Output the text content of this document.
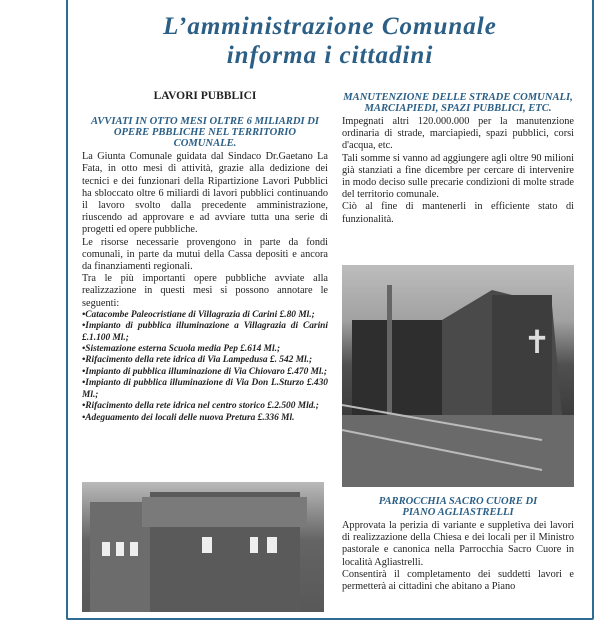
L’amministrazione Comunale
informa i cittadini
LAVORI PUBBLICI
AVVIATI IN OTTO MESI OLTRE 6 MILIARDI DI OPERE PBBLICHE NEL TERRITORIO COMUNALE.

La Giunta Comunale guidata dal Sindaco Dr.Gaetano La Fata, in otto mesi di attività, grazie alla dedizione dei tecnici e dei funzionari della Ripartizione Lavori Pubblici ha sbloccato oltre 6 miliardi di lavori pubblici continuando il lavoro svolto dalla precedente amministrazione, riuscendo ad approvare e ad avviare tutta una serie di progetti ed opere pubbliche.

Le risorse necessarie provengono in parte da fondi comunali, in parte da mutui della Cassa depositi e ancora da finanziamenti regionali.

Tra le più importanti opere pubbliche avviate alla realizzazione in questi mesi si possono annotare le seguenti:

• Catacombe Paleocristiane di Villagrazia di Carini £.80 Ml.;
• Impianto di pubblica illuminazione a Villagrazia di Carini £.1.100 Ml.;
• Sistemazione esterna Scuola media Pep £.614 Ml.;
• Rifacimento della rete idrica di Via Lampedusa £. 542 Ml.;
• Impianto di pubblica illuminazione di Via Chiovaro £.470 Ml.;
• Impianto di pubblica illuminazione di Via Don L.Sturzo £.430 Ml.;
• Rifacimento della rete idrica nel centro storico £.2.500 Mld.;
• Adeguamento dei locali delle nuova Pretura £.336 Ml.
MANUTENZIONE DELLE STRADE COMUNALI, MARCIAPIEDI, SPAZI PUBBLICI, ETC.

Impegnati altri 120.000.000 per la manutenzione ordinaria di strade, marciapiedi, spazi pubblici, corsi d'acqua, etc.

Tali somme si vanno ad aggiungere agli oltre 90 milioni già stanziati a fine dicembre per cercare di intervenire in modo deciso sulle precarie condizioni di molte strade del territorio comunale.

Ciò al fine di mantenerli in efficiente stato di funzionalità.

✝
PARROCCHIA SACRO CUORE DI PIANO AGLIASTRELLI

Approvata la perizia di variante e suppletiva dei lavori di realizzazione della Chiesa e dei locali per il Ministro pastorale e canonica nella Parrocchia Sacro Cuore in località Agliastrelli.

Consentirà il completamento dei suddetti lavori e permetterà ai cittadini che abitano a Piano
